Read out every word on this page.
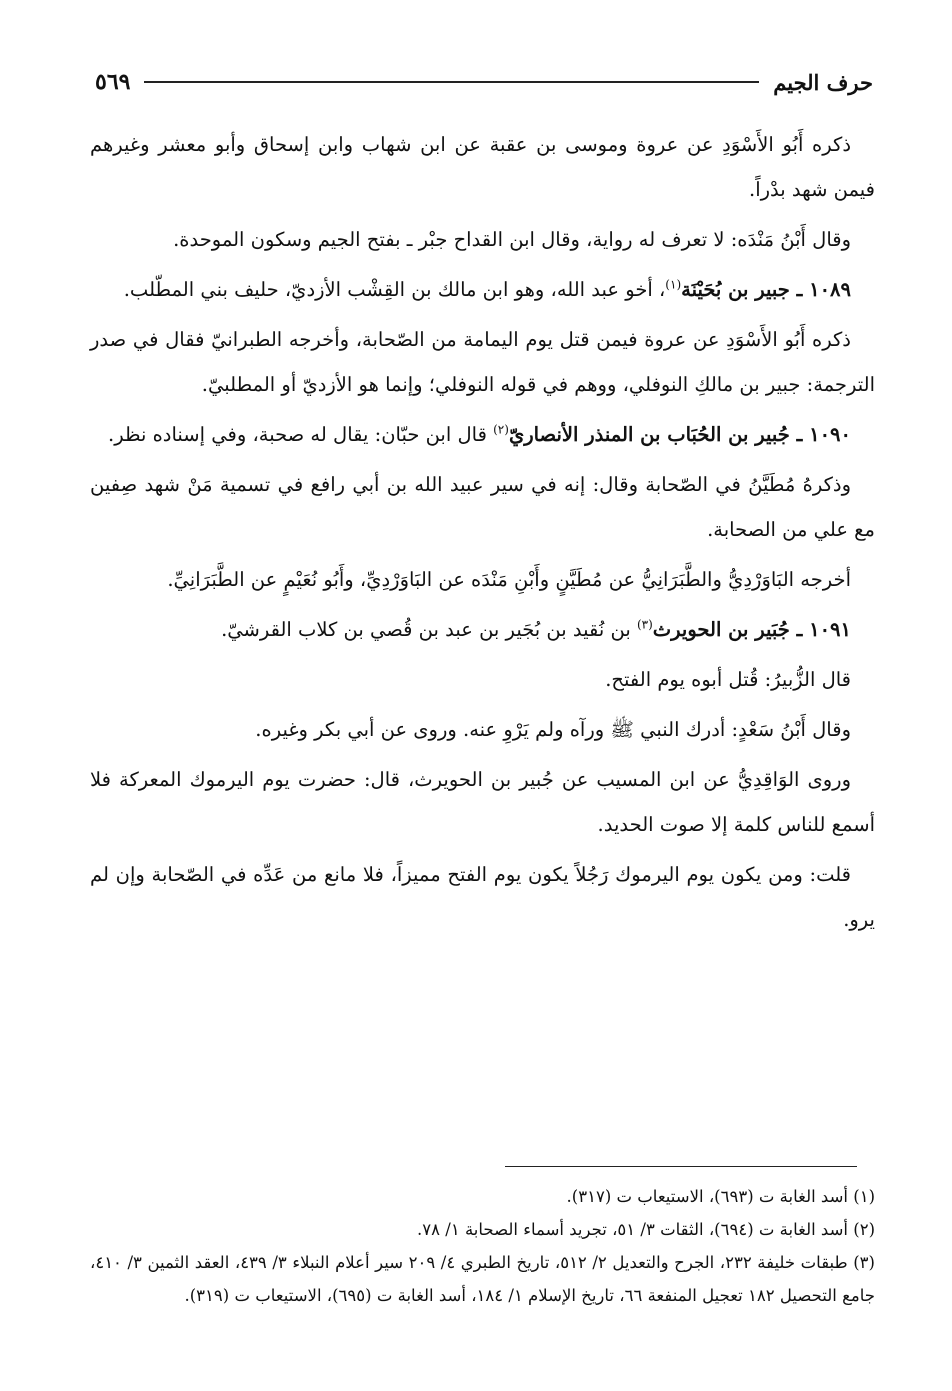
حرف الجيم
٥٦٩

ذكره أَبُو الأَسْوَدِ عن عروة وموسى بن عقبة عن ابن شهاب وابن إسحاق وأبو معشر وغيرهم فيمن شهد بدْراً.

وقال أَبْنُ مَنْدَه: لا تعرف له رواية، وقال ابن القداح جبْر ـ بفتح الجيم وسكون الموحدة.

١٠٨٩ ـ جبير بن بُحَيْنَة$^{(١)}$، أخو عبد الله، وهو ابن مالك بن القِشْب الأزديّ، حليف بني المطّلب.

ذكره أَبُو الأَسْوَدِ عن عروة فيمن قتل يوم اليمامة من الصّحابة، وأخرجه الطبرانيّ فقال في صدر الترجمة: جبير بن مالكِ النوفلي، ووهم في قوله النوفلي؛ وإنما هو الأزديّ أو المطلبيّ.

١٠٩٠ ـ جُبير بن الحُبَاب بن المنذر الأنصاريّ$^{(٢)}$ قال ابن حبّان: يقال له صحبة، وفي إسناده نظر.

وذكرهُ مُطَيَّنُ في الصّحابة وقال: إنه في سير عبيد الله بن أبي رافع في تسمية مَنْ شهد صِفين مع علي من الصحابة.

أخرجه البَاوَرْدِيُّ والطَّبَرَانِيُّ عن مُطَيَّنٍ وأَبْنِ مَنْدَه عن البَاوَرْدِيِّ، وأَبُو نُعَيْمٍ عن الطَّبَرَانِيِّ.

١٠٩١ ـ جُبَير بن الحويرث$^{(٣)}$ بن نُقيد بن بُجَير بن عبد بن قُصي بن كلاب القرشيّ.

قال الزُّبيرُ: قُتل أبوه يوم الفتح.

وقال أَبْنُ سَعْدٍ: أدرك النبي ﷺ ورآه ولم يَرْوِ عنه. وروى عن أبي بكر وغيره.

وروى الوَاقِدِيُّ عن ابن المسيب عن جُبير بن الحويرث، قال: حضرت يوم اليرموك المعركة فلا أسمع للناس كلمة إلا صوت الحديد.

قلت: ومن يكون يوم اليرموك رَجُلاً يكون يوم الفتح مميزاً، فلا مانع من عَدِّه في الصّحابة وإن لم يرو.

(١) أسد الغابة ت (٦٩٣)، الاستيعاب ت (٣١٧).

(٢) أسد الغابة ت (٦٩٤)، الثقات ٣/ ٥١، تجريد أسماء الصحابة ١/ ٧٨.

(٣) طبقات خليفة ٢٣٢، الجرح والتعديل ٢/ ٥١٢، تاريخ الطبري ٤/ ٢٠٩ سير أعلام النبلاء ٣/ ٤٣٩، العقد الثمين ٣/ ٤١٠، جامع التحصيل ١٨٢ تعجيل المنفعة ٦٦، تاريخ الإسلام ١/ ١٨٤، أسد الغابة ت (٦٩٥)، الاستيعاب ت (٣١٩).
